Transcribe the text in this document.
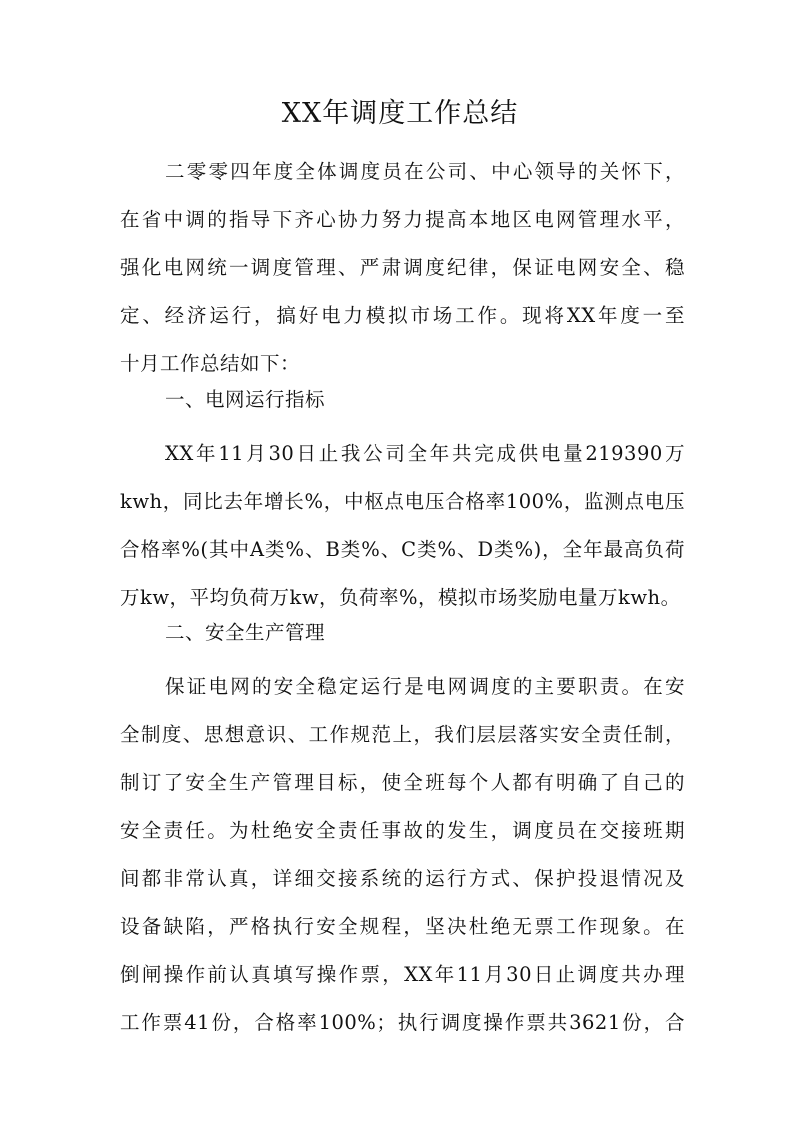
XX年调度工作总结
二零零四年度全体调度员在公司、中心领导的关怀下，
在省中调的指导下齐心协力努力提高本地区电网管理水平，
强化电网统一调度管理、严肃调度纪律，保证电网安全、稳
定、经济运行，搞好电力模拟市场工作。现将XX年度一至
十月工作总结如下：
一、电网运行指标
XX年11月30日止我公司全年共完成供电量219390万
kwh，同比去年增长%，中枢点电压合格率100%，监测点电压
合格率%(其中A类%、B类%、C类%、D类%)，全年最高负荷
万kw，平均负荷万kw，负荷率%，模拟市场奖励电量万kwh。
二、安全生产管理
保证电网的安全稳定运行是电网调度的主要职责。在安
全制度、思想意识、工作规范上，我们层层落实安全责任制，
制订了安全生产管理目标，使全班每个人都有明确了自己的
安全责任。为杜绝安全责任事故的发生，调度员在交接班期
间都非常认真，详细交接系统的运行方式、保护投退情况及
设备缺陷，严格执行安全规程，坚决杜绝无票工作现象。在
倒闸操作前认真填写操作票，XX年11月30日止调度共办理
工作票41份，合格率100%；执行调度操作票共3621份，合
